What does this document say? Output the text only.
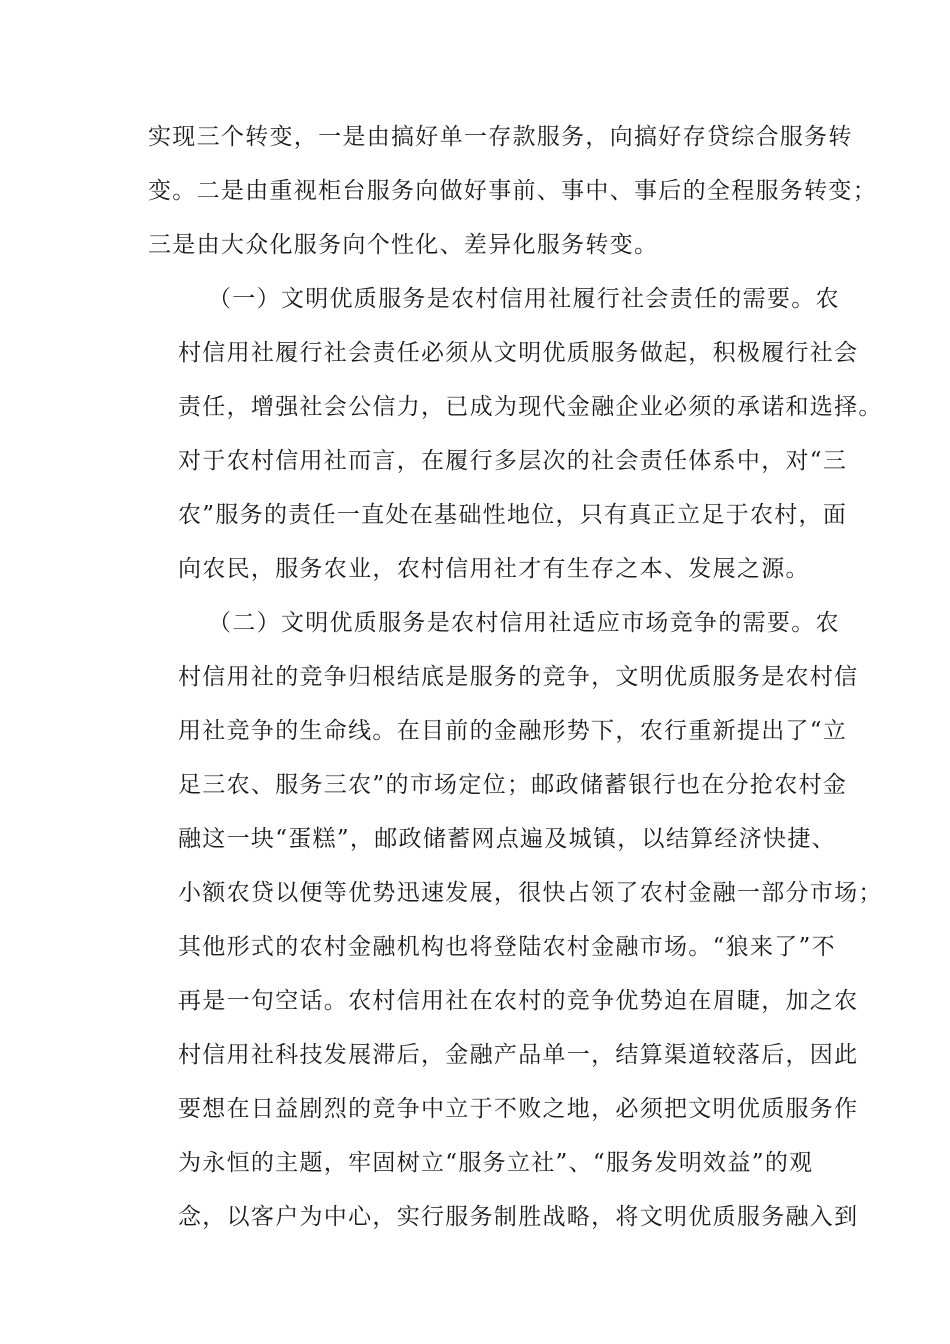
实现三个转变，一是由搞好单一存款服务，向搞好存贷综合服务转
变。二是由重视柜台服务向做好事前、事中、事后的全程服务转变；
三是由大众化服务向个性化、差异化服务转变。
（一）文明优质服务是农村信用社履行社会责任的需要。农
村信用社履行社会责任必须从文明优质服务做起，积极履行社会
责任，增强社会公信力，已成为现代金融企业必须的承诺和选择。
对于农村信用社而言，在履行多层次的社会责任体系中，对“三
农”服务的责任一直处在基础性地位，只有真正立足于农村，面
向农民，服务农业，农村信用社才有生存之本、发展之源。
（二）文明优质服务是农村信用社适应市场竞争的需要。农
村信用社的竞争归根结底是服务的竞争，文明优质服务是农村信
用社竞争的生命线。在目前的金融形势下，农行重新提出了“立
足三农、服务三农”的市场定位；邮政储蓄银行也在分抢农村金
融这一块“蛋糕”，邮政储蓄网点遍及城镇，以结算经济快捷、
小额农贷以便等优势迅速发展，很快占领了农村金融一部分市场；
其他形式的农村金融机构也将登陆农村金融市场。“狼来了”不
再是一句空话。农村信用社在农村的竞争优势迫在眉睫，加之农
村信用社科技发展滞后，金融产品单一，结算渠道较落后，因此
要想在日益剧烈的竞争中立于不败之地，必须把文明优质服务作
为永恒的主题，牢固树立“服务立社”、“服务发明效益”的观
念，以客户为中心，实行服务制胜战略，将文明优质服务融入到
